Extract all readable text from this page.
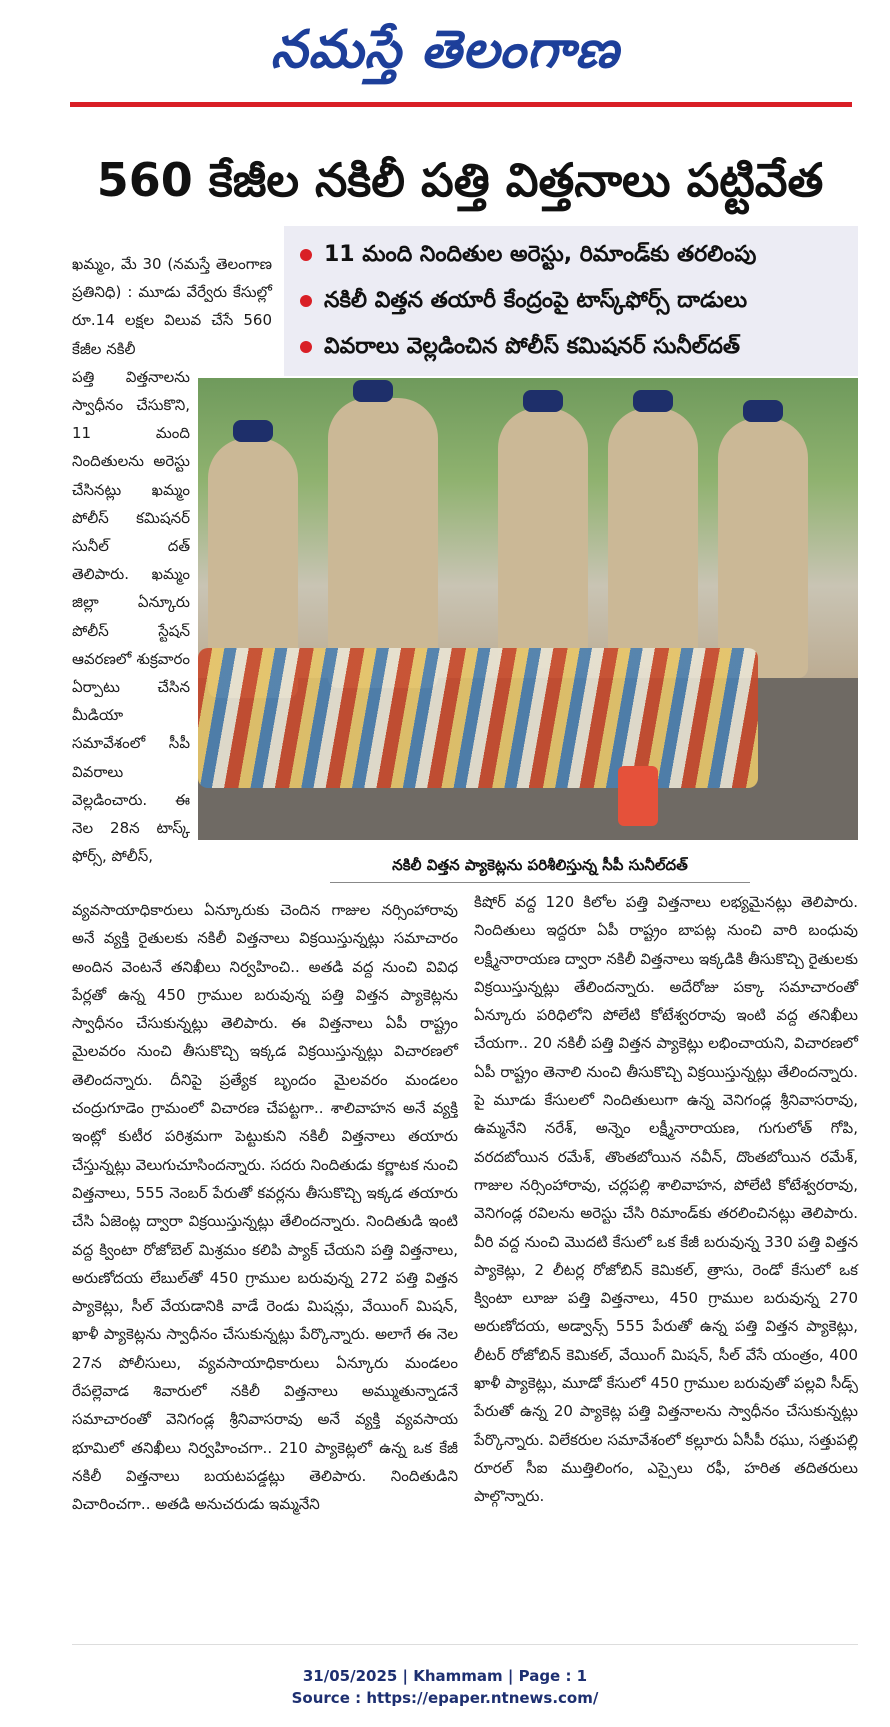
నమస్తే తెలంగాణ
560 కేజీల నకిలీ పత్తి విత్తనాలు పట్టివేత
11 మంది నిందితుల అరెస్టు, రిమాండ్‌కు తరలింపు
నకిలీ విత్తన తయారీ కేంద్రంపై టాస్క్‌ఫోర్స్‌ దాడులు
వివరాలు వెల్లడించిన పోలీస్‌ కమిషనర్‌ సునీల్‌దత్‌
ఖమ్మం, మే 30 (నమస్తే తెలంగాణ ప్రతినిధి) : మూడు వేర్వేరు కేసుల్లో రూ.14 లక్షల విలువ చేసే 560 కేజీల నకిలీ
పత్తి విత్తనాలను స్వాధీనం చేసుకొని, 11 మంది నిందితులను అరెస్టు చేసినట్లు ఖమ్మం పోలీస్‌ కమిషనర్‌ సునీల్‌ దత్‌ తెలిపారు. ఖమ్మం జిల్లా ఏన్కూరు పోలీస్‌ స్టేషన్‌ ఆవరణలో శుక్రవారం ఏర్పాటు చేసిన మీడియా సమావేశంలో సీపీ వివరాలు వెల్లడించారు. ఈ నెల 28న టాస్క్‌ ఫోర్స్‌, పోలీస్‌,	నకిలీ విత్తన ప్యాకెట్లను పరిశీలిస్తున్న సీపీ సునీల్‌దత్‌
వ్యవసాయాధికారులు ఏన్కూరుకు చెందిన గాజుల నర్సింహారావు అనే వ్యక్తి రైతులకు నకిలీ విత్తనాలు విక్రయిస్తున్నట్లు సమాచారం అందిన వెంటనే తనిఖీలు నిర్వహించి.. అతడి వద్ద నుంచి వివిధ పేర్లతో ఉన్న 450 గ్రాముల బరువున్న పత్తి విత్తన ప్యాకెట్లను స్వాధీనం చేసుకున్నట్లు తెలిపారు. ఈ విత్తనాలు ఏపీ రాష్ట్రం మైలవరం నుంచి తీసుకొచ్చి ఇక్కడ విక్రయిస్తున్నట్లు విచారణలో తెలిందన్నారు. దీనిపై ప్రత్యేక బృందం మైలవరం మండలం చంద్రుగూడెం గ్రామంలో విచారణ చేపట్టగా.. శాలివాహన అనే వ్యక్తి ఇంట్లో కుటీర పరిశ్రమగా పెట్టుకుని నకిలీ విత్తనాలు తయారు చేస్తున్నట్లు వెలుగుచూసిందన్నారు. సదరు నిందితుడు కర్ణాటక నుంచి విత్తనాలు, 555 నెంబర్‌ పేరుతో కవర్లను తీసుకొచ్చి ఇక్కడ తయారు చేసి ఏజెంట్ల ద్వారా విక్రయిస్తున్నట్లు తేలిందన్నారు. నిందితుడి ఇంటి వద్ద క్వింటా రోజోబెల్‌ మిశ్రమం కలిపి ప్యాక్‌ చేయని పత్తి విత్తనాలు, అరుణోదయ లేబుల్‌తో 450 గ్రాముల బరువున్న 272 పత్తి విత్తన ప్యాకెట్లు, సీల్‌ వేయడానికి వాడే రెండు మిషన్లు, వేయింగ్‌ మిషన్‌, ఖాళీ ప్యాకెట్లను స్వాధీనం చేసుకున్నట్లు పేర్కొన్నారు. అలాగే ఈ నెల 27న పోలీసులు, వ్యవసాయాధికారులు ఏన్కూరు మండలం రేపల్లెవాడ శివారులో నకిలీ విత్తనాలు అమ్ముతున్నాడనే సమాచారంతో వెనిగండ్ల శ్రీనివాసరావు అనే వ్యక్తి వ్యవసాయ భూమిలో తనిఖీలు నిర్వహించగా.. 210 ప్యాకెట్లలో ఉన్న ఒక కేజీ నకిలీ విత్తనాలు బయటపడ్డట్లు తెలిపారు. నిందితుడిని విచారించగా.. అతడి అనుచరుడు ఇమ్మనేని
కిషోర్‌ వద్ద 120 కిలోల పత్తి విత్తనాలు లభ్యమైనట్లు తెలిపారు. నిందితులు ఇద్దరూ ఏపీ రాష్ట్రం బాపట్ల నుంచి వారి బంధువు లక్ష్మీనారాయణ ద్వారా నకిలీ విత్తనాలు ఇక్కడికి తీసుకొచ్చి రైతులకు విక్రయిస్తున్నట్లు తేలిందన్నారు. అదేరోజు పక్కా సమాచారంతో ఏన్కూరు పరిధిలోని పోలేటి కోటేశ్వరరావు ఇంటి వద్ద తనిఖీలు చేయగా.. 20 నకిలీ పత్తి విత్తన ప్యాకెట్లు లభించాయని, విచారణలో ఏపీ రాష్ట్రం తెనాలి నుంచి తీసుకొచ్చి విక్రయిస్తున్నట్లు తేలిందన్నారు. పై మూడు కేసులలో నిందితులుగా ఉన్న వెనిగండ్ల శ్రీనివాసరావు, ఉమ్మనేని నరేశ్‌, అన్నెం లక్ష్మీనారాయణ, గుగులోత్‌ గోపి, వరదబోయిన రమేశ్‌, తొంతబోయిన నవీన్‌, దొంతబోయిన రమేశ్‌, గాజుల నర్సింహారావు, చర్లపల్లి శాలివాహన, పోలేటి కోటేశ్వరరావు, వెనిగండ్ల రవిలను అరెస్టు చేసి రిమాండ్‌కు తరలించినట్లు తెలిపారు. వీరి వద్ద నుంచి మొదటి కేసులో ఒక కేజీ బరువున్న 330 పత్తి విత్తన ప్యాకెట్లు, 2 లీటర్ల రోజోబిన్‌ కెమికల్‌, త్రాసు, రెండో కేసులో ఒక క్వింటా లూజు పత్తి విత్తనాలు, 450 గ్రాముల బరువున్న 270 అరుణోదయ, అడ్వాన్స్‌ 555 పేరుతో ఉన్న పత్తి విత్తన ప్యాకెట్లు, లీటర్‌ రోజోబిన్‌ కెమికల్‌, వేయింగ్‌ మిషన్‌, సీల్‌ వేసే యంత్రం, 400 ఖాళీ ప్యాకెట్లు, మూడో కేసులో 450 గ్రాముల బరువుతో పల్లవి సీడ్స్‌ పేరుతో ఉన్న 20 ప్యాకెట్ల పత్తి విత్తనాలను స్వాధీనం చేసుకున్నట్లు పేర్కొన్నారు. విలేకరుల సమావేశంలో కల్లూరు ఏసీపీ రఘు, సత్తుపల్లి రూరల్‌ సీఐ ముత్తిలింగం, ఎస్సైలు రఫీ, హరిత తదితరులు పాల్గొన్నారు.
31/05/2025 | Khammam | Page : 1
Source : https://epaper.ntnews.com/
